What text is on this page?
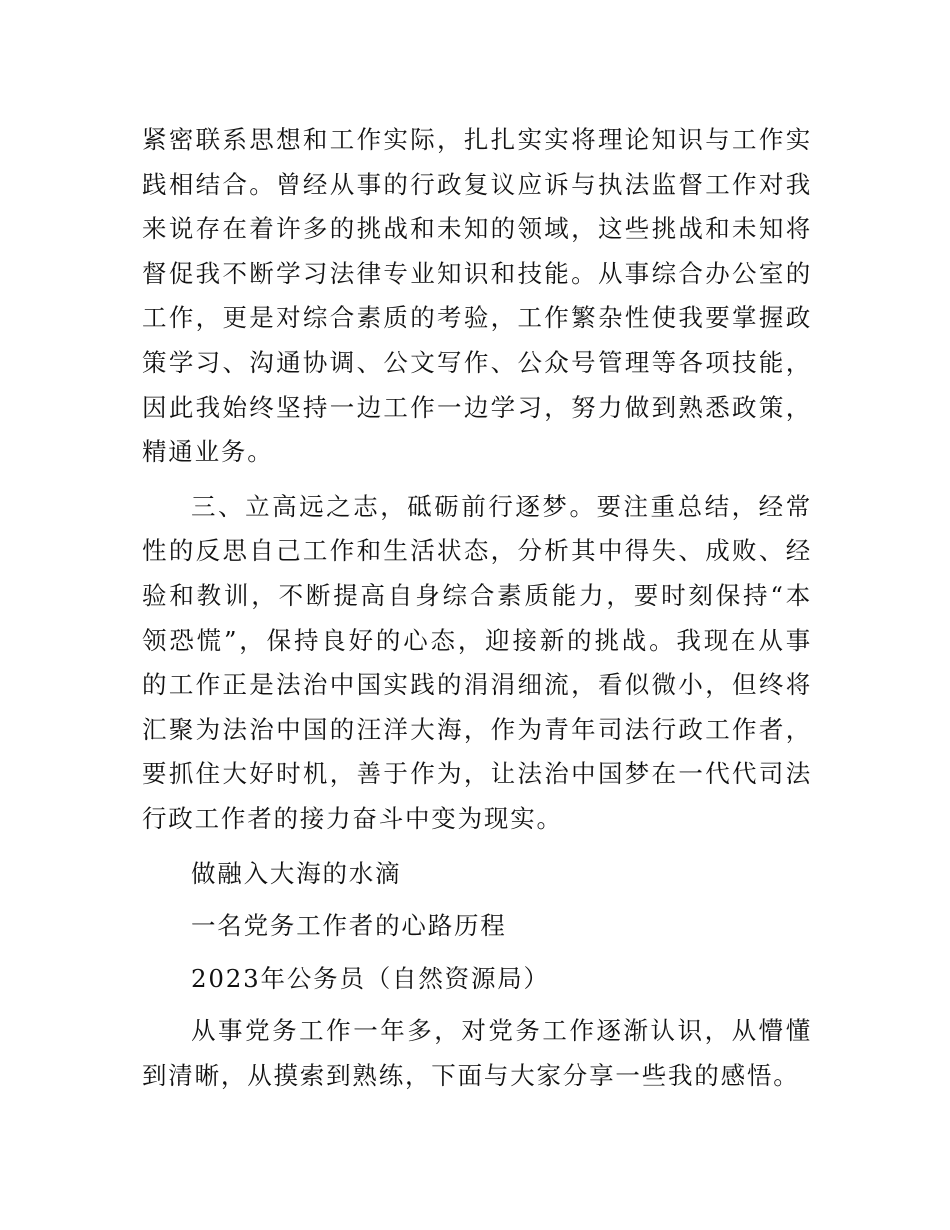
紧密联系思想和工作实际，扎扎实实将理论知识与工作实践相结合。曾经从事的行政复议应诉与执法监督工作对我来说存在着许多的挑战和未知的领域，这些挑战和未知将督促我不断学习法律专业知识和技能。从事综合办公室的工作，更是对综合素质的考验，工作繁杂性使我要掌握政策学习、沟通协调、公文写作、公众号管理等各项技能，因此我始终坚持一边工作一边学习，努力做到熟悉政策，精通业务。

三、立高远之志，砥砺前行逐梦。要注重总结，经常性的反思自己工作和生活状态，分析其中得失、成败、经验和教训，不断提高自身综合素质能力，要时刻保持“本领恐慌”，保持良好的心态，迎接新的挑战。我现在从事的工作正是法治中国实践的涓涓细流，看似微小，但终将汇聚为法治中国的汪洋大海，作为青年司法行政工作者，要抓住大好时机，善于作为，让法治中国梦在一代代司法行政工作者的接力奋斗中变为现实。

做融入大海的水滴

一名党务工作者的心路历程

2023年公务员（自然资源局）

从事党务工作一年多，对党务工作逐渐认识，从懵懂到清晰，从摸索到熟练，下面与大家分享一些我的感悟。
